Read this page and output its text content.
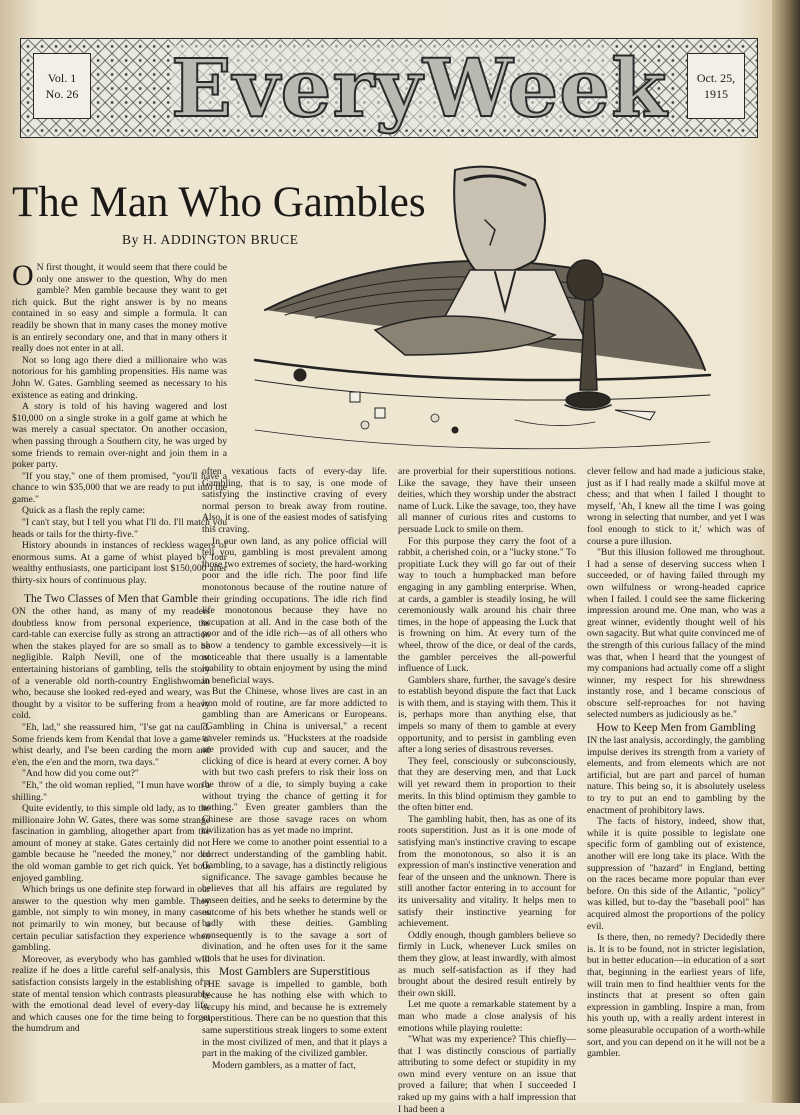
Vol. 1
No. 26 EveryWeek	Oct. 25,
1915
The Man Who Gambles
By H. ADDINGTON BRUCE

O N first thought, it would seem that there could be only one answer to the question, Why do men gamble? Men gamble because they want to get rich quick. But the right answer is by no means contained in so easy and simple a formula. It can readily be shown that in many cases the money motive is an entirely secondary one, and that in many others it really does not enter in at all.

Not so long ago there died a millionaire who was notorious for his gambling propensities. His name was John W. Gates. Gambling seemed as necessary to his existence as eating and drinking.

A story is told of his having wagered and lost $10,000 on a single stroke in a golf game at which he was merely a casual spectator. On another occasion, when passing through a Southern city, he was urged by some friends to remain over-night and join them in a poker party.

"If you stay," one of them promised, "you'll have a chance to win $35,000 that we are ready to put into the game."

Quick as a flash the reply came:

"I can't stay, but I tell you what I'll do. I'll match you heads or tails for the thirty-five."

History abounds in instances of reckless wagers of enormous sums. At a game of whist played by four wealthy enthusiasts, one participant lost $150,000 after thirty-six hours of continuous play.

The Two Classes of Men that Gamble

ON the other hand, as many of my readers doubtless know from personal experience, the card-table can exercise fully as strong an attraction when the stakes played for are so small as to be negligible. Ralph Nevill, one of the most entertaining historians of gambling, tells the story of a venerable old north-country Englishwoman who, because she looked red-eyed and weary, was thought by a visitor to be suffering from a heavy cold.

"Eh, lad," she reassured him, "I'se gat na cauld. Some friends kem from Kendal that love a game o' whist dearly, and I'se been carding the morn and e'en, the e'en and the morn, twa days."

"And how did you come out?"

"Eh," the old woman replied, "I mun have won a shilling."

Quite evidently, to this simple old lady, as to the millionaire John W. Gates, there was some strange fascination in gambling, altogether apart from the amount of money at stake. Gates certainly did not gamble because he "needed the money," nor did the old woman gamble to get rich quick. Yet both enjoyed gambling.

Which brings us one definite step forward in our answer to the question why men gamble. They gamble, not simply to win money, in many cases not primarily to win money, but because of a certain peculiar satisfaction they experience when gambling.

Moreover, as everybody who has gambled will realize if he does a little careful self-analysis, this satisfaction consists largely in the establishing of a state of mental tension which contrasts pleasurably with the emotional dead level of every-day life, and which causes one for the time being to forget the humdrum and

often vexatious facts of every-day life. Gambling, that is to say, is one mode of satisfying the instinctive craving of every normal person to break away from routine. Also, it is one of the easiest modes of satisfying this craving.

In our own land, as any police official will tell you, gambling is most prevalent among those two extremes of society, the hard-working poor and the idle rich. The poor find life monotonous because of the routine nature of their grinding occupations. The idle rich find life monotonous because they have no occupation at all. And in the case both of the poor and of the idle rich—as of all others who show a tendency to gamble excessively—it is noticeable that there usually is a lamentable inability to obtain enjoyment by using the mind in beneficial ways.

But the Chinese, whose lives are cast in an iron mold of routine, are far more addicted to gambling than are Americans or Europeans. "Gambling in China is universal," a recent traveler reminds us. "Hucksters at the roadside are provided with cup and saucer, and the clicking of dice is heard at every corner. A boy with but two cash prefers to risk their loss on the throw of a die, to simply buying a cake without trying the chance of getting it for nothing." Even greater gamblers than the Chinese are those savage races on whom civilization has as yet made no imprint.

Here we come to another point essential to a correct understanding of the gambling habit. Gambling, to a savage, has a distinctly religious significance. The savage gambles because he believes that all his affairs are regulated by unseen deities, and he seeks to determine by the outcome of his bets whether he stands well or badly with these deities. Gambling consequently is to the savage a sort of divination, and he often uses for it the same tools that he uses for divination.

Most Gamblers are Superstitious

THE savage is impelled to gamble, both because he has nothing else with which to occupy his mind, and because he is extremely superstitious. There can be no question that this same superstitious streak lingers to some extent in the most civilized of men, and that it plays a part in the making of the civilized gambler.

Modern gamblers, as a matter of fact,

are proverbial for their superstitious notions. Like the savage, they have their unseen deities, which they worship under the abstract name of Luck. Like the savage, too, they have all manner of curious rites and customs to persuade Luck to smile on them.

For this purpose they carry the foot of a rabbit, a cherished coin, or a "lucky stone." To propitiate Luck they will go far out of their way to touch a humpbacked man before engaging in any gambling enterprise. When, at cards, a gambler is steadily losing, he will ceremoniously walk around his chair three times, in the hope of appeasing the Luck that is frowning on him. At every turn of the wheel, throw of the dice, or deal of the cards, the gambler perceives the all-powerful influence of Luck.

Gamblers share, further, the savage's desire to establish beyond dispute the fact that Luck is with them, and is staying with them. This it is, perhaps more than anything else, that impels so many of them to gamble at every opportunity, and to persist in gambling even after a long series of disastrous reverses.

They feel, consciously or subconsciously, that they are deserving men, and that Luck will yet reward them in proportion to their merits. In this blind optimism they gamble to the often bitter end.

The gambling habit, then, has as one of its roots superstition. Just as it is one mode of satisfying man's instinctive craving to escape from the monotonous, so also it is an expression of man's instinctive veneration and fear of the unseen and the unknown. There is still another factor entering in to account for its universality and vitality. It helps men to satisfy their instinctive yearning for achievement.

Oddly enough, though gamblers believe so firmly in Luck, whenever Luck smiles on them they glow, at least inwardly, with almost as much self-satisfaction as if they had brought about the desired result entirely by their own skill.

Let me quote a remarkable statement by a man who made a close analysis of his emotions while playing roulette:

"What was my experience? This chiefly—that I was distinctly conscious of partially attributing to some defect or stupidity in my own mind every venture on an issue that proved a failure; that when I succeeded I raked up my gains with a half impression that I had been a

clever fellow and had made a judicious stake, just as if I had really made a skilful move at chess; and that when I failed I thought to myself, 'Ah, I knew all the time I was going wrong in selecting that number, and yet I was fool enough to stick to it,' which was of course a pure illusion.

"But this illusion followed me throughout. I had a sense of deserving success when I succeeded, or of having failed through my own wilfulness or wrong-headed caprice when I failed. I could see the same flickering impression around me. One man, who was a great winner, evidently thought well of his own sagacity. But what quite convinced me of the strength of this curious fallacy of the mind was that, when I heard that the youngest of my companions had actually come off a slight winner, my respect for his shrewdness instantly rose, and I became conscious of obscure self-reproaches for not having selected numbers as judiciously as he."

How to Keep Men from Gambling

IN the last analysis, accordingly, the gambling impulse derives its strength from a variety of elements, and from elements which are not artificial, but are part and parcel of human nature. This being so, it is absolutely useless to try to put an end to gambling by the enactment of prohibitory laws.

The facts of history, indeed, show that, while it is quite possible to legislate one specific form of gambling out of existence, another will ere long take its place. With the suppression of "hazard" in England, betting on the races became more popular than ever before. On this side of the Atlantic, "policy" was killed, but to-day the "baseball pool" has acquired almost the proportions of the policy evil.

Is there, then, no remedy? Decidedly there is. It is to be found, not in stricter legislation, but in better education—in education of a sort that, beginning in the earliest years of life, will train men to find healthier vents for the instincts that at present so often gain expression in gambling. Inspire a man, from his youth up, with a really ardent interest in some pleasurable occupation of a worth-while sort, and you can depend on it he will not be a gambler.
